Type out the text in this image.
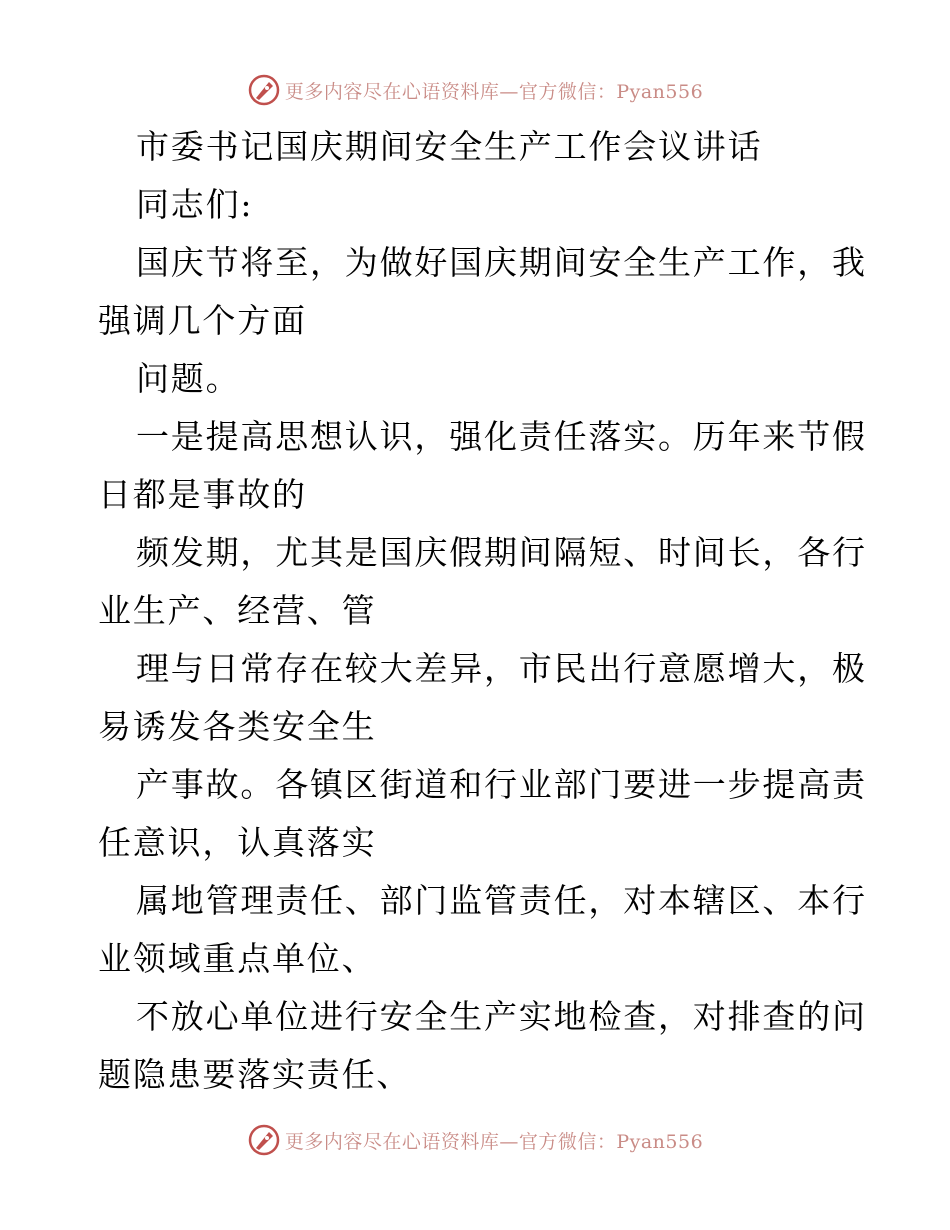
更多内容尽在心语资料库—官方微信：Pyan556
市委书记国庆期间安全生产工作会议讲话
同志们:
国庆节将至，为做好国庆期间安全生产工作，我
强调几个方面
问题。
一是提高思想认识，强化责任落实。历年来节假
日都是事故的
频发期，尤其是国庆假期间隔短、时间长，各行
业生产、经营、管
理与日常存在较大差异，市民出行意愿增大，极
易诱发各类安全生
产事故。各镇区街道和行业部门要进一步提高责
任意识，认真落实
属地管理责任、部门监管责任，对本辖区、本行
业领域重点单位、
不放心单位进行安全生产实地检查，对排查的问
题隐患要落实责任、
更多内容尽在心语资料库—官方微信：Pyan556
